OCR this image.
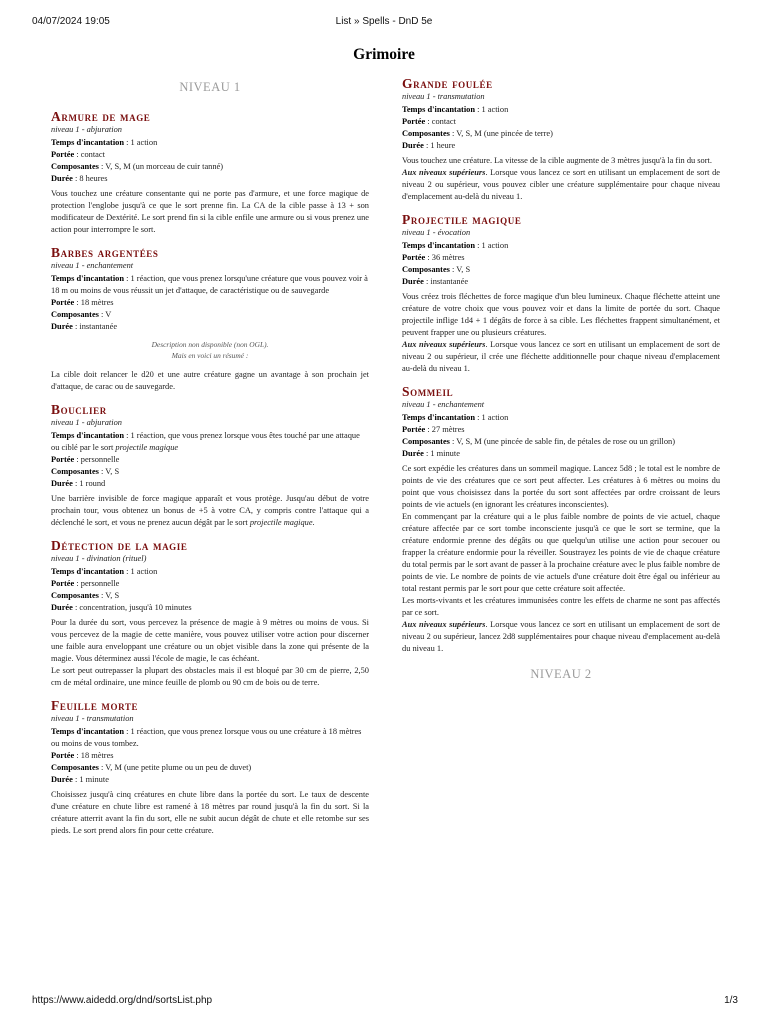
04/07/2024 19:05	List » Spells - DnD 5e
Grimoire
NIVEAU 1
Armure de mage
niveau 1 - abjuration
Temps d'incantation : 1 action
Portée : contact
Composantes : V, S, M (un morceau de cuir tanné)
Durée : 8 heures

Vous touchez une créature consentante qui ne porte pas d'armure, et une force magique de protection l'englobe jusqu'à ce que le sort prenne fin. La CA de la cible passe à 13 + son modificateur de Dextérité. Le sort prend fin si la cible enfile une armure ou si vous prenez une action pour interrompre le sort.

Barbes argentées
niveau 1 - enchantement
Temps d'incantation : 1 réaction, que vous prenez lorsqu'une créature que vous pouvez voir à 18 m ou moins de vous réussit un jet d'attaque, de caractéristique ou de sauvegarde
Portée : 18 mètres
Composantes : V
Durée : instantanée

Description non disponible (non OGL).
Mais en voici un résumé :

La cible doit relancer le d20 et une autre créature gagne un avantage à son prochain jet d'attaque, de carac ou de sauvegarde.

Bouclier
niveau 1 - abjuration
Temps d'incantation : 1 réaction, que vous prenez lorsque vous êtes touché par une attaque ou ciblé par le sort projectile magique
Portée : personnelle
Composantes : V, S
Durée : 1 round

Une barrière invisible de force magique apparaît et vous protège. Jusqu'au début de votre prochain tour, vous obtenez un bonus de +5 à votre CA, y compris contre l'attaque qui a déclenché le sort, et vous ne prenez aucun dégât par le sort projectile magique.

Détection de la magie
niveau 1 - divination (rituel)
Temps d'incantation : 1 action
Portée : personnelle
Composantes : V, S
Durée : concentration, jusqu'à 10 minutes

Pour la durée du sort, vous percevez la présence de magie à 9 mètres ou moins de vous. Si vous percevez de la magie de cette manière, vous pouvez utiliser votre action pour discerner une faible aura enveloppant une créature ou un objet visible dans la zone qui présente de la magie. Vous déterminez aussi l'école de magie, le cas échéant.

Le sort peut outrepasser la plupart des obstacles mais il est bloqué par 30 cm de pierre, 2,50 cm de métal ordinaire, une mince feuille de plomb ou 90 cm de bois ou de terre.

Feuille morte
niveau 1 - transmutation
Temps d'incantation : 1 réaction, que vous prenez lorsque vous ou une créature à 18 mètres ou moins de vous tombez.
Portée : 18 mètres
Composantes : V, M (une petite plume ou un peu de duvet)
Durée : 1 minute

Choisissez jusqu'à cinq créatures en chute libre dans la portée du sort. Le taux de descente d'une créature en chute libre est ramené à 18 mètres par round jusqu'à la fin du sort. Si la créature atterrit avant la fin du sort, elle ne subit aucun dégât de chute et elle retombe sur ses pieds. Le sort prend alors fin pour cette créature.

Grande foulée
niveau 1 - transmutation
Temps d'incantation : 1 action
Portée : contact
Composantes : V, S, M (une pincée de terre)
Durée : 1 heure

Vous touchez une créature. La vitesse de la cible augmente de 3 mètres jusqu'à la fin du sort.

Aux niveaux supérieurs. Lorsque vous lancez ce sort en utilisant un emplacement de sort de niveau 2 ou supérieur, vous pouvez cibler une créature supplémentaire pour chaque niveau d'emplacement au-delà du niveau 1.

Projectile magique
niveau 1 - évocation
Temps d'incantation : 1 action
Portée : 36 mètres
Composantes : V, S
Durée : instantanée

Vous créez trois fléchettes de force magique d'un bleu lumineux. Chaque fléchette atteint une créature de votre choix que vous pouvez voir et dans la limite de portée du sort. Chaque projectile inflige 1d4 + 1 dégâts de force à sa cible. Les fléchettes frappent simultanément, et peuvent frapper une ou plusieurs créatures.

Aux niveaux supérieurs. Lorsque vous lancez ce sort en utilisant un emplacement de sort de niveau 2 ou supérieur, il crée une fléchette additionnelle pour chaque niveau d'emplacement au-delà du niveau 1.

Sommeil
niveau 1 - enchantement
Temps d'incantation : 1 action
Portée : 27 mètres
Composantes : V, S, M (une pincée de sable fin, de pétales de rose ou un grillon)
Durée : 1 minute

Ce sort expédie les créatures dans un sommeil magique. Lancez 5d8 ; le total est le nombre de points de vie des créatures que ce sort peut affecter. Les créatures à 6 mètres ou moins du point que vous choisissez dans la portée du sort sont affectées par ordre croissant de leurs points de vie actuels (en ignorant les créatures inconscientes).

En commençant par la créature qui a le plus faible nombre de points de vie actuel, chaque créature affectée par ce sort tombe inconsciente jusqu'à ce que le sort se termine, que la créature endormie prenne des dégâts ou que quelqu'un utilise une action pour secouer ou frapper la créature endormie pour la réveiller. Soustrayez les points de vie de chaque créature du total permis par le sort avant de passer à la prochaine créature avec le plus faible nombre de points de vie. Le nombre de points de vie actuels d'une créature doit être égal ou inférieur au total restant permis par le sort pour que cette créature soit affectée.

Les morts-vivants et les créatures immunisées contre les effets de charme ne sont pas affectés par ce sort.

Aux niveaux supérieurs. Lorsque vous lancez ce sort en utilisant un emplacement de sort de niveau 2 ou supérieur, lancez 2d8 supplémentaires pour chaque niveau d'emplacement au-delà du niveau 1.

NIVEAU 2
https://www.aidedd.org/dnd/sortsList.php	1/3
